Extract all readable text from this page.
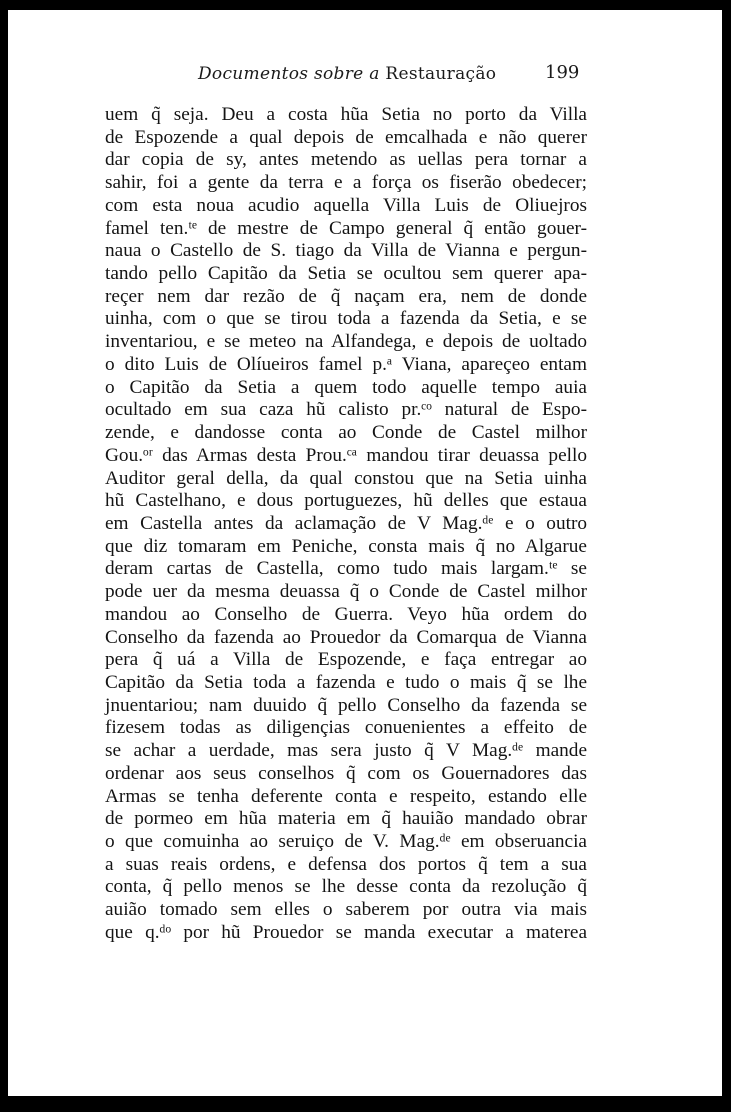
Documentos sobre a Restauração	199
uem q̃ seja. Deu a costa hũa Setia no porto da Villa
de Espozende a qual depois de emcalhada e não querer
dar copia de sy, antes metendo as uellas pera tornar a
sahir, foi a gente da terra e a força os fiserão obedecer;
com esta noua acudio aquella Villa Luis de Oliuejros
famel ten.ᵗᵉ de mestre de Campo general q̃ então gouer-
naua o Castello de S. tiago da Villa de Vianna e pergun-
tando pello Capitão da Setia se ocultou sem querer apa-
reçer nem dar rezão de q̃ naçam era, nem de donde
uinha, com o que se tirou toda a fazenda da Setia, e se
inventariou, e se meteo na Alfandega, e depois de uoltado
o dito Luis de Olíueiros famel p.ᵃ Viana, apareçeo entam
o Capitão da Setia a quem todo aquelle tempo auia
ocultado em sua caza hũ calisto pr.ᶜᵒ natural de Espo-
zende, e dandosse conta ao Conde de Castel milhor
Gou.ᵒʳ das Armas desta Prou.ᶜᵃ mandou tirar deuassa pello
Auditor geral della, da qual constou que na Setia uinha
hũ Castelhano, e dous portuguezes, hũ delles que estaua
em Castella antes da aclamação de V Mag.ᵈᵉ e o outro
que diz tomaram em Peniche, consta mais q̃ no Algarue
deram cartas de Castella, como tudo mais largam.ᵗᵉ se
pode uer da mesma deuassa q̃ o Conde de Castel milhor
mandou ao Conselho de Guerra. Veyo hũa ordem do
Conselho da fazenda ao Prouedor da Comarqua de Vianna
pera q̃ uá a Villa de Espozende, e faça entregar ao
Capitão da Setia toda a fazenda e tudo o mais q̃ se lhe
jnuentariou; nam duuido q̃ pello Conselho da fazenda se
fizesem todas as diligençias conuenientes a effeito de
se achar a uerdade, mas sera justo q̃ V Mag.ᵈᵉ mande
ordenar aos seus conselhos q̃ com os Gouernadores das
Armas se tenha deferente conta e respeito, estando elle
de pormeo em hũa materia em q̃ hauião mandado obrar
o que comuinha ao seruiço de V. Mag.ᵈᵉ em obseruancia
a suas reais ordens, e defensa dos portos q̃ tem a sua
conta, q̃ pello menos se lhe desse conta da rezolução q̃
auião tomado sem elles o saberem por outra via mais
que q.ᵈᵒ por hũ Prouedor se manda executar a materea
